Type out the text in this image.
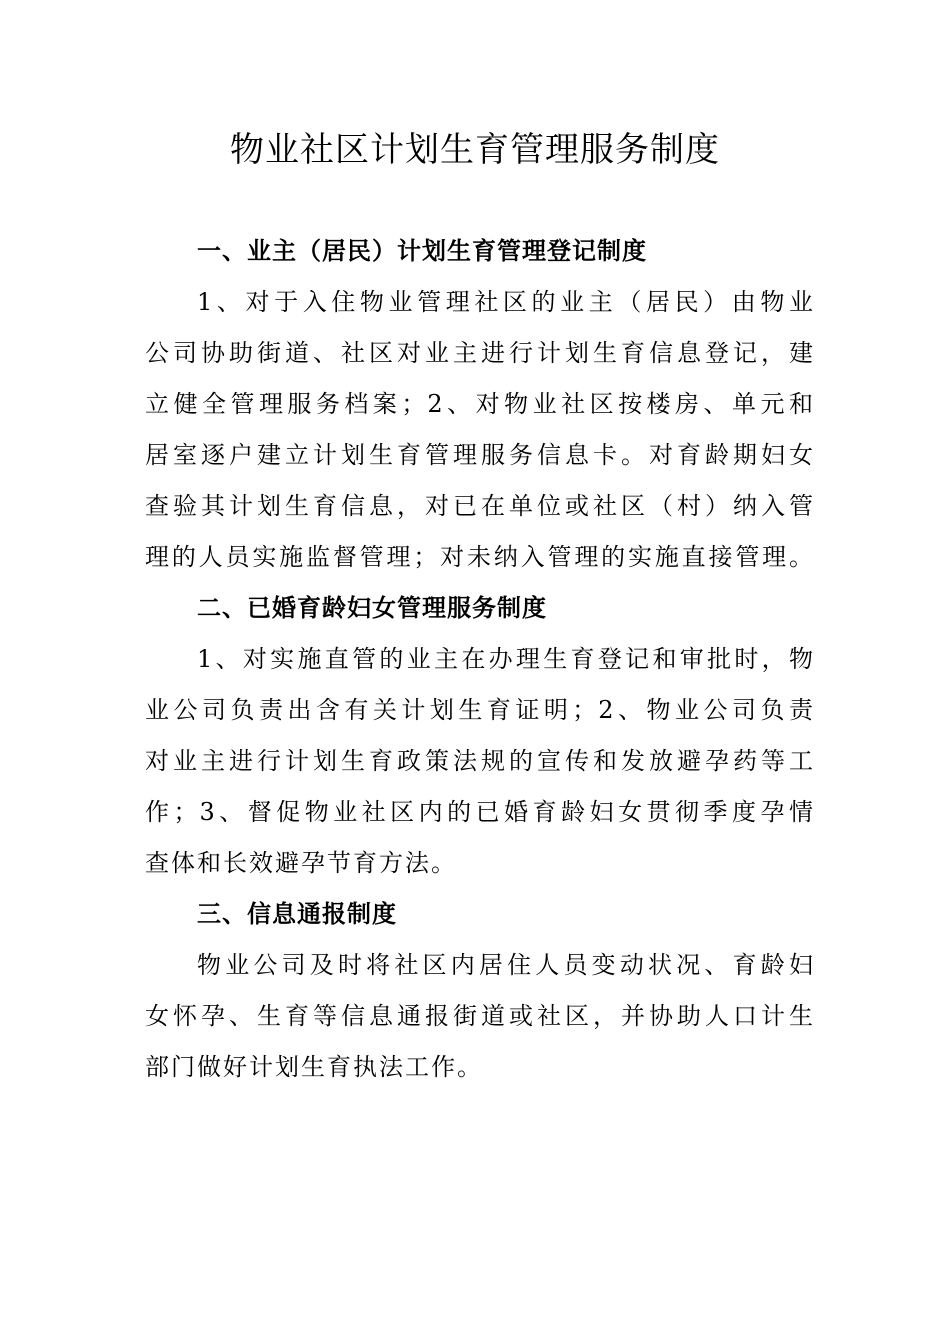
物业社区计划生育管理服务制度
一、业主（居民）计划生育管理登记制度
1、对于入住物业管理社区的业主（居民）由物业
公司协助街道、社区对业主进行计划生育信息登记，建
立健全管理服务档案；2、对物业社区按楼房、单元和
居室逐户建立计划生育管理服务信息卡。对育龄期妇女
查验其计划生育信息，对已在单位或社区（村）纳入管
理的人员实施监督管理；对未纳入管理的实施直接管理。
二、已婚育龄妇女管理服务制度
1、对实施直管的业主在办理生育登记和审批时，物
业公司负责出含有关计划生育证明；2、物业公司负责
对业主进行计划生育政策法规的宣传和发放避孕药等工
作；3、督促物业社区内的已婚育龄妇女贯彻季度孕情
查体和长效避孕节育方法。
三、信息通报制度
物业公司及时将社区内居住人员变动状况、育龄妇
女怀孕、生育等信息通报街道或社区，并协助人口计生
部门做好计划生育执法工作。
